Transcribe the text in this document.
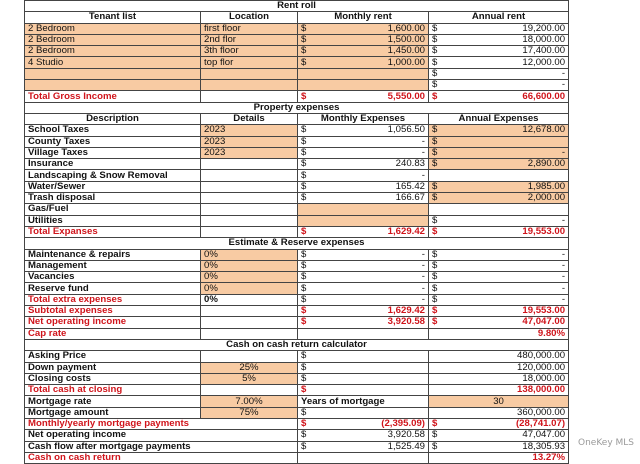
Rent roll			
Tenant list	Location	Monthly rent	Annual rent
2 Bedroom	first floor	$ 1,600.00	$ 19,200.00

2 Bedroom	2nd flor	$ 1,500.00	$ 18,000.00

2 Bedroom	3th floor	$ 1,450.00	$ 17,400.00

4 Studio	top flor	$ 1,000.00	$ 12,000.00

			$ -

			$ -

Total Gross Income		$ 5,550.00	$ 66,600.00

Property expenses			
Description	Details	Monthly Expenses	Annual Expenses
School Taxes	2023	$ 1,056.50	$ 12,678.00

County Taxes	2023	$ -	$

Village Taxes	2023	$ -	$ -

Insurance		$ 240.83	$ 2,890.00

Landscaping & Snow Removal		$ -	

Water/Sewer		$ 165.42	$ 1,985.00

Trash disposal		$ 166.67	$ 2,000.00

Gas/Fuel			
Utilities			$ -

Total Expanses		$ 1,629.42	$ 19,553.00

Estimate & Reserve expenses			
Maintenance & repairs	0%	$ -	$ -

Management	0%	$ -	$ -

Vacancies	0%	$ -	$ -

Reserve fund	0%	$ -	$ -

Total extra expenses	0%	$ -	$ -

Subtotal expenses		$ 1,629.42	$ 19,553.00

Net operating income		$ 3,920.58	$ 47,047.00

Cap rate			9.80%
Cash on cash return calculator			
Asking Price		$	480,000.00
Down payment	25%	$	120,000.00
Closing costs	5%	$	18,000.00
Total cash at closing		$	138,000.00
Mortgage rate	7.00%	Years of mortgage	30
Mortgage amount	75%	$	360,000.00
Monthly/yearly mortgage payments		$ (2,395.09)	$ (28,741.07)

Net operating income		$ 3,920.58	$ 47,047.00

Cash flow after mortgage payments		$ 1,525.49	$ 18,305.93

Cash on cash return			13.27%
OneKey MLS
